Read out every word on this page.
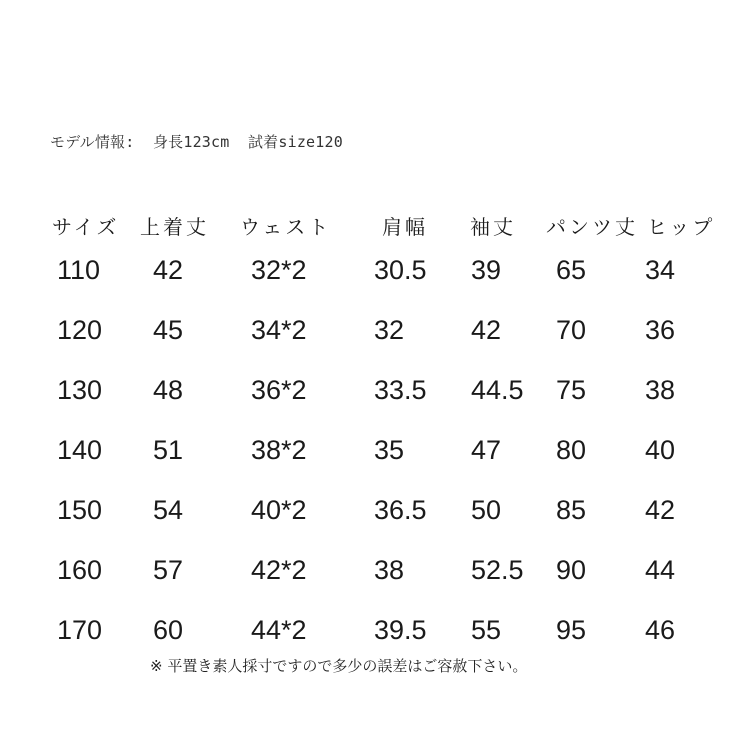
モデル情報:  身長123cm  試着size120
サイズ 上着丈 ウェスト	肩幅 袖丈 パンツ丈 ヒップ
110 42	32*2 30.5 39 65 34
120 45	34*2 32 42 70 36
130 48	36*2 33.5 44.5 75 38
140 51	38*2 35 47 80 40
150 54	40*2 36.5 50 85 42
160 57	42*2 38 52.5 90 44
170 60	44*2 39.5 55 95 46
※ 平置き素人採寸ですので多少の誤差はご容赦下さい。
